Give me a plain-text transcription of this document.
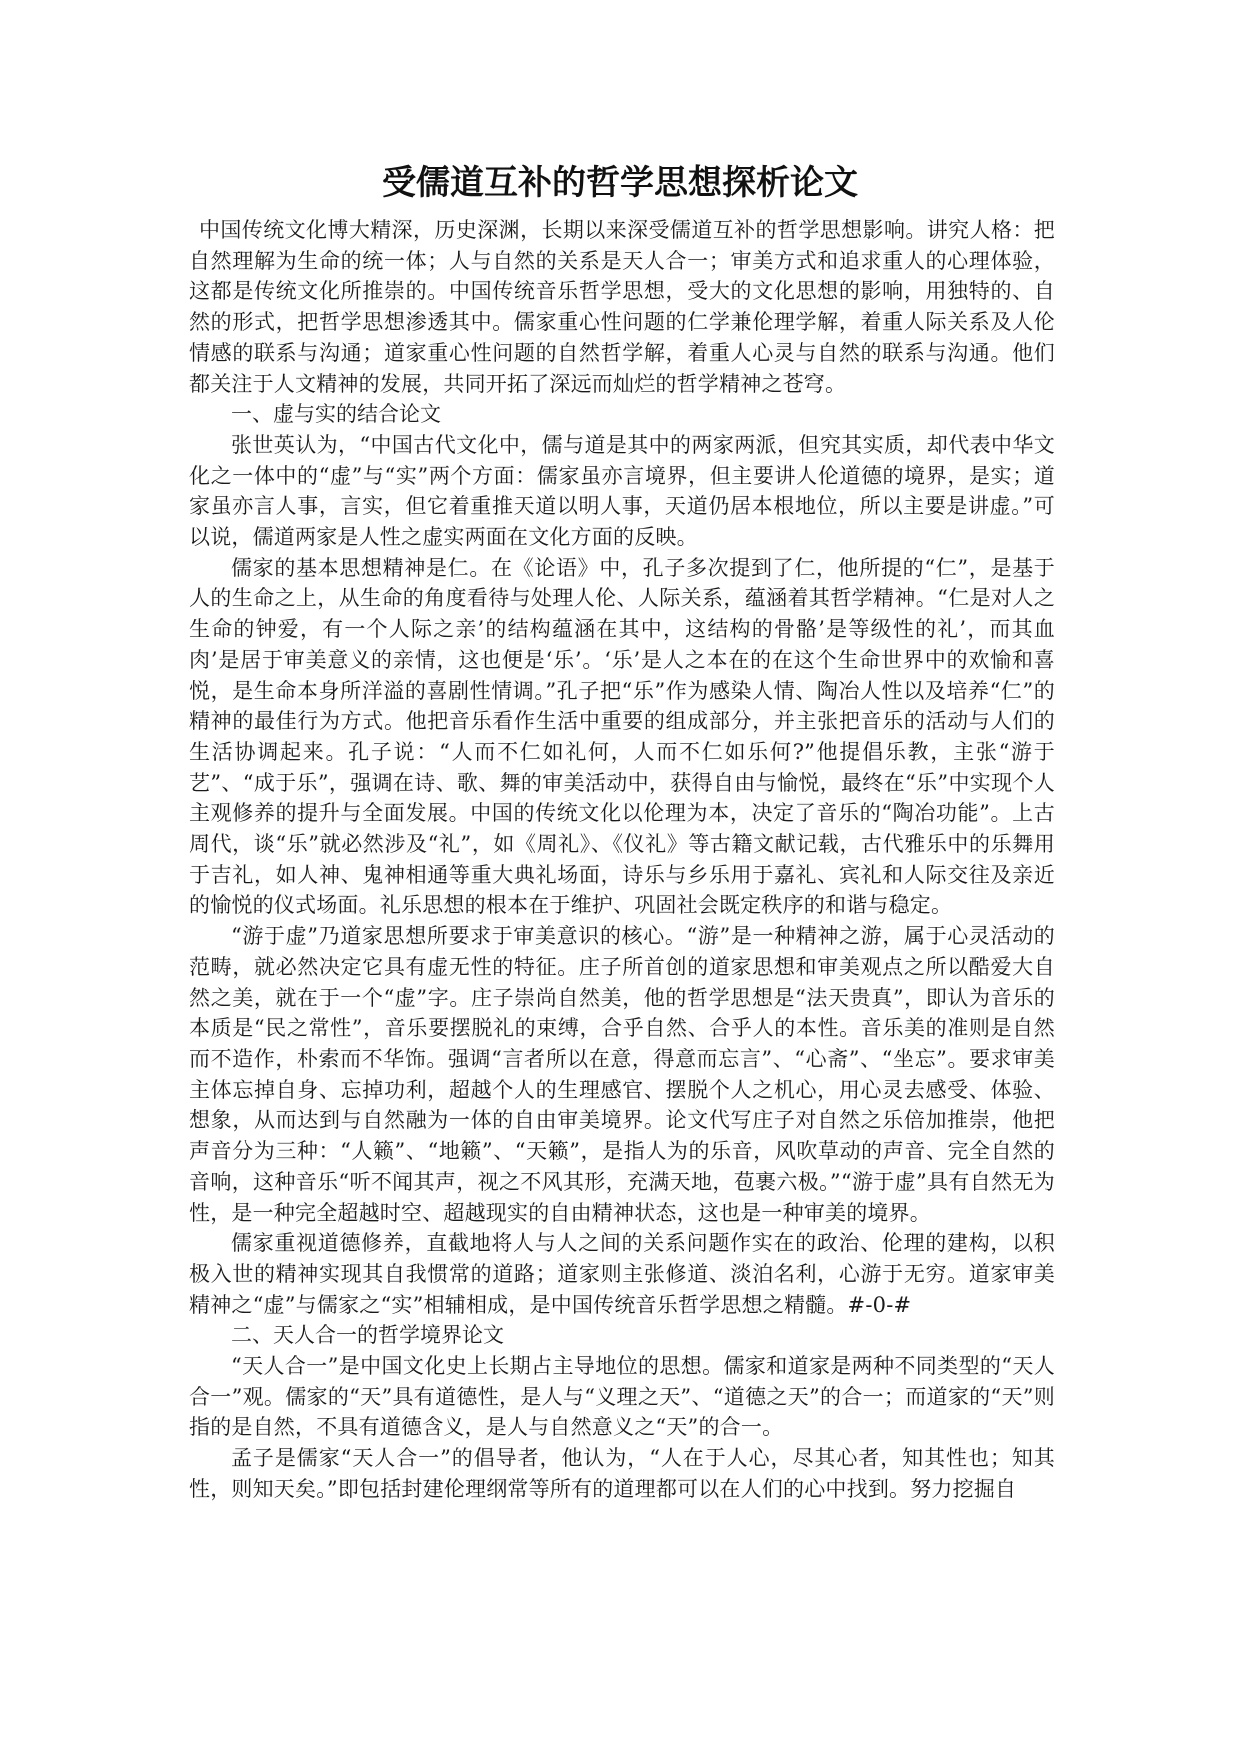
受儒道互补的哲学思想探析论文

中国传统文化博大精深，历史深渊，长期以来深受儒道互补的哲学思想影响。讲究人格：把自然理解为生命的统一体；人与自然的关系是天人合一；审美方式和追求重人的心理体验，这都是传统文化所推崇的。中国传统音乐哲学思想，受大的文化思想的影响，用独特的、自然的形式，把哲学思想渗透其中。儒家重心性问题的仁学兼伦理学解，着重人际关系及人伦情感的联系与沟通；道家重心性问题的自然哲学解，着重人心灵与自然的联系与沟通。他们都关注于人文精神的发展，共同开拓了深远而灿烂的哲学精神之苍穹。

一、虚与实的结合论文

张世英认为，“中国古代文化中，儒与道是其中的两家两派，但究其实质，却代表中华文化之一体中的“虚”与“实”两个方面：儒家虽亦言境界，但主要讲人伦道德的境界，是实；道家虽亦言人事，言实，但它着重推天道以明人事，天道仍居本根地位，所以主要是讲虚。”可以说，儒道两家是人性之虚实两面在文化方面的反映。

儒家的基本思想精神是仁。在《论语》中，孔子多次提到了仁，他所提的“仁”，是基于人的生命之上，从生命的角度看待与处理人伦、人际关系，蕴涵着其哲学精神。“仁是对人之生命的钟爱，有一个人际之亲’的结构蕴涵在其中，这结构的骨骼’是等级性的礼’，而其血肉’是居于审美意义的亲情，这也便是‘乐’。‘乐’是人之本在的在这个生命世界中的欢愉和喜悦，是生命本身所洋溢的喜剧性情调。”孔子把“乐”作为感染人情、陶冶人性以及培养“仁”的精神的最佳行为方式。他把音乐看作生活中重要的组成部分，并主张把音乐的活动与人们的生活协调起来。孔子说：“人而不仁如礼何，人而不仁如乐何?”他提倡乐教，主张“游于艺”、“成于乐”，强调在诗、歌、舞的审美活动中，获得自由与愉悦，最终在“乐”中实现个人主观修养的提升与全面发展。中国的传统文化以伦理为本，决定了音乐的“陶冶功能”。上古周代，谈“乐”就必然涉及“礼”，如《周礼》、《仪礼》等古籍文献记载，古代雅乐中的乐舞用于吉礼，如人神、鬼神相通等重大典礼场面，诗乐与乡乐用于嘉礼、宾礼和人际交往及亲近的愉悦的仪式场面。礼乐思想的根本在于维护、巩固社会既定秩序的和谐与稳定。

“游于虚”乃道家思想所要求于审美意识的核心。“游”是一种精神之游，属于心灵活动的范畴，就必然决定它具有虚无性的特征。庄子所首创的道家思想和审美观点之所以酷爱大自然之美，就在于一个“虚”字。庄子崇尚自然美，他的哲学思想是“法天贵真”，即认为音乐的本质是“民之常性”，音乐要摆脱礼的束缚，合乎自然、合乎人的本性。音乐美的准则是自然而不造作，朴索而不华饰。强调“言者所以在意，得意而忘言”、“心斋”、“坐忘”。要求审美主体忘掉自身、忘掉功利，超越个人的生理感官、摆脱个人之机心，用心灵去感受、体验、想象，从而达到与自然融为一体的自由审美境界。论文代写庄子对自然之乐倍加推崇，他把声音分为三种：“人籁”、“地籁”、“天籁”，是指人为的乐音，风吹草动的声音、完全自然的音响，这种音乐“听不闻其声，视之不风其形，充满天地，苞裹六极。”“游于虚”具有自然无为性，是一种完全超越时空、超越现实的自由精神状态，这也是一种审美的境界。

儒家重视道德修养，直截地将人与人之间的关系问题作实在的政治、伦理的建构，以积极入世的精神实现其自我惯常的道路；道家则主张修道、淡泊名利，心游于无穷。道家审美精神之“虚”与儒家之“实”相辅相成，是中国传统音乐哲学思想之精髓。#-0-#

二、天人合一的哲学境界论文

“天人合一”是中国文化史上长期占主导地位的思想。儒家和道家是两种不同类型的“天人合一”观。儒家的“天”具有道德性，是人与“义理之天”、“道德之天”的合一；而道家的“天”则指的是自然，不具有道德含义，是人与自然意义之“天”的合一。

孟子是儒家“天人合一”的倡导者，他认为，“人在于人心，尽其心者，知其性也；知其性，则知天矣。”即包括封建伦理纲常等所有的道理都可以在人们的心中找到。努力挖掘自
